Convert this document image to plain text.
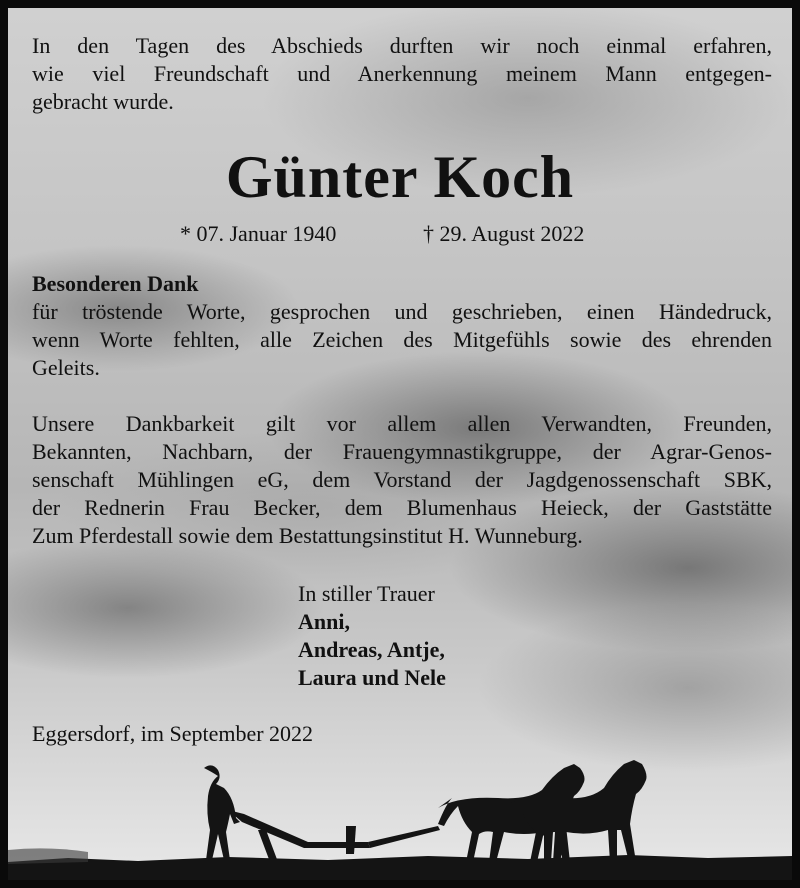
In den Tagen des Abschieds durften wir noch einmal erfahren,
wie viel Freundschaft und Anerkennung meinem Mann entgegen-
gebracht wurde.
Günter Koch
* 07. Januar 1940	† 29. August 2022
Besonderen Dank
für tröstende Worte, gesprochen und geschrieben, einen Händedruck,
wenn Worte fehlten, alle Zeichen des Mitgefühls sowie des ehrenden
Geleits.
Unsere Dankbarkeit gilt vor allem allen Verwandten, Freunden,
Bekannten, Nachbarn, der Frauengymnastikgruppe, der Agrar-Genos-
senschaft Mühlingen eG, dem Vorstand der Jagdgenossenschaft SBK,
der Rednerin Frau Becker, dem Blumenhaus Heieck, der Gaststätte
Zum Pferdestall sowie dem Bestattungsinstitut H. Wunneburg.
In stiller Trauer
Anni,
Andreas, Antje,
Laura und Nele
Eggersdorf, im September 2022
